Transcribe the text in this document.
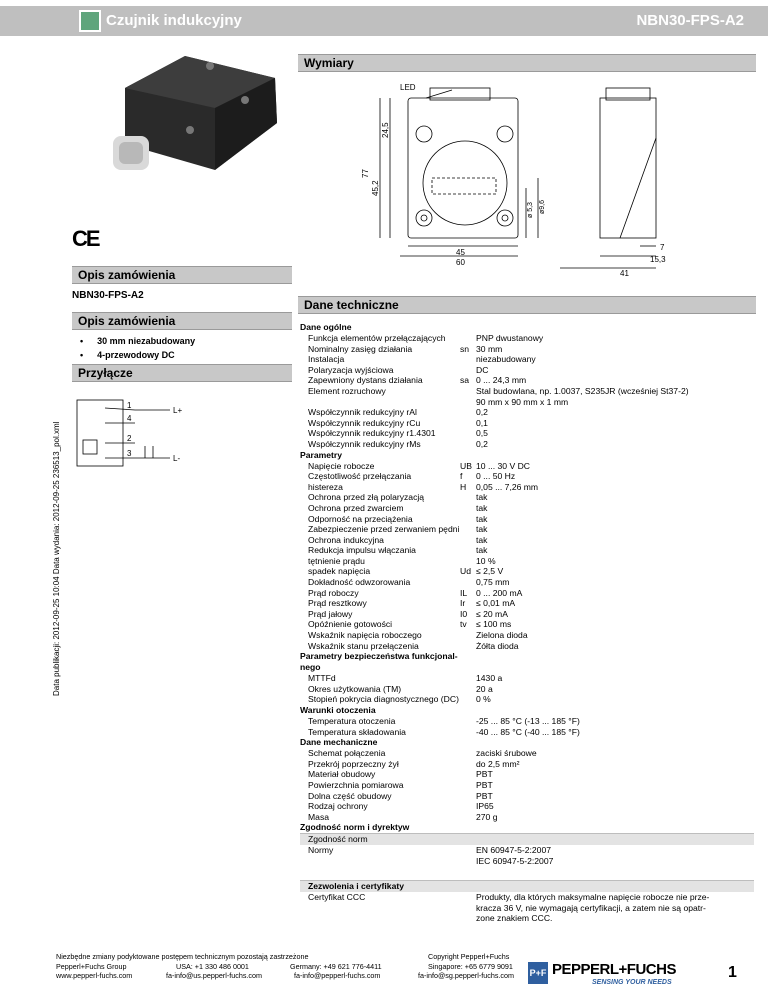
Czujnik indukcyjny	NBN30-FPS-A2
Wymiary
LED
77
45,2
24,5
45
60
ø 5,3 ø9,6
7
15,3
41
CE
Opis zamówienia
NBN30-FPS-A2
Opis zamówienia
• 30 mm niezabudowany
• 4-przewodowy DC
Przyłącze
1
4
2
3
L+
L-
Data publikacji: 2012-09-25 10:04 Data wydania: 2012-09-25 236513_pol.xml
Dane techniczne
Dane ogólne
Funkcja elementów przełączających	PNP dwustanowy
Nominalny zasięg działania	sn 30 mm
Instalacja	niezabudowany
Polaryzacja wyjściowa	DC
Zapewniony dystans działania	sa 0 ... 24,3 mm
Element rozruchowy	Stal budowlana, np. 1.0037, S235JR (wcześniej St37-2)
90 mm x 90 mm x 1 mm
Współczynnik redukcyjny rAl	0,2
Współczynnik redukcyjny rCu	0,1
Współczynnik redukcyjny r1.4301	0,5
Współczynnik redukcyjny rMs	0,2
Parametry
Napięcie robocze	UB 10 ... 30 V DC
Częstotliwość przełączania	f	0 ... 50 Hz
histereza	H	0,05 ... 7,26 mm
Ochrona przed złą polaryzacją	tak
Ochrona przed zwarciem	tak
Odporność na przeciążenia	tak
Zabezpieczenie przed zerwaniem pędni tak
Ochrona indukcyjna	tak
Redukcja impulsu włączania	tak
tętnienie prądu	10 %
spadek napięcia	Ud ≤ 2,5 V
Dokładność odwzorowania	0,75 mm
Prąd roboczy	IL	0 ... 200 mA
Prąd resztkowy	Ir	≤ 0,01 mA
Prąd jałowy	I0	≤ 20 mA
Opóźnienie gotowości	tv	≤ 100 ms
Wskaźnik napięcia roboczego	Zielona dioda
Wskaźnik stanu przełączenia	Żółta dioda
Parametry bezpieczeństwa funkcjonal-
nego
MTTFd	1430 a
Okres użytkowania (TM)	20 a
Stopień pokrycia diagnostycznego (DC) 0 %
Warunki otoczenia
Temperatura otoczenia	-25 ... 85 °C (-13 ... 185 °F)
Temperatura składowania	-40 ... 85 °C (-40 ... 185 °F)
Dane mechaniczne
Schemat połączenia	zaciski śrubowe
Przekrój poprzeczny żył	do 2,5 mm²
Materiał obudowy	PBT
Powierzchnia pomiarowa	PBT
Dolna część obudowy	PBT
Rodzaj ochrony	IP65
Masa	270 g
Zgodność norm i dyrektyw
Zgodność norm
Normy	EN 60947-5-2:2007
IEC 60947-5-2:2007
Zezwolenia i certyfikaty
Certyfikat CCC	Produkty, dla których maksymalne napięcie robocze nie prze-
kracza 36 V, nie wymagają certyfikacji, a zatem nie są opatr-
zone znakiem CCC.
Niezbędne zmiany podyktowane postępem technicznym pozostają zastrzeżone
Pepperl+Fuchs Group
www.pepperl-fuchs.com
USA: +1 330 486 0001
fa-info@us.pepperl-fuchs.com
Germany: +49 621 776-4411
fa-info@pepperl-fuchs.com
Copyright Pepperl+Fuchs
Singapore: +65 6779 9091
fa-info@sg.pepperl-fuchs.com P+F PEPPERL+FUCHS
SENSING YOUR NEEDS
1
